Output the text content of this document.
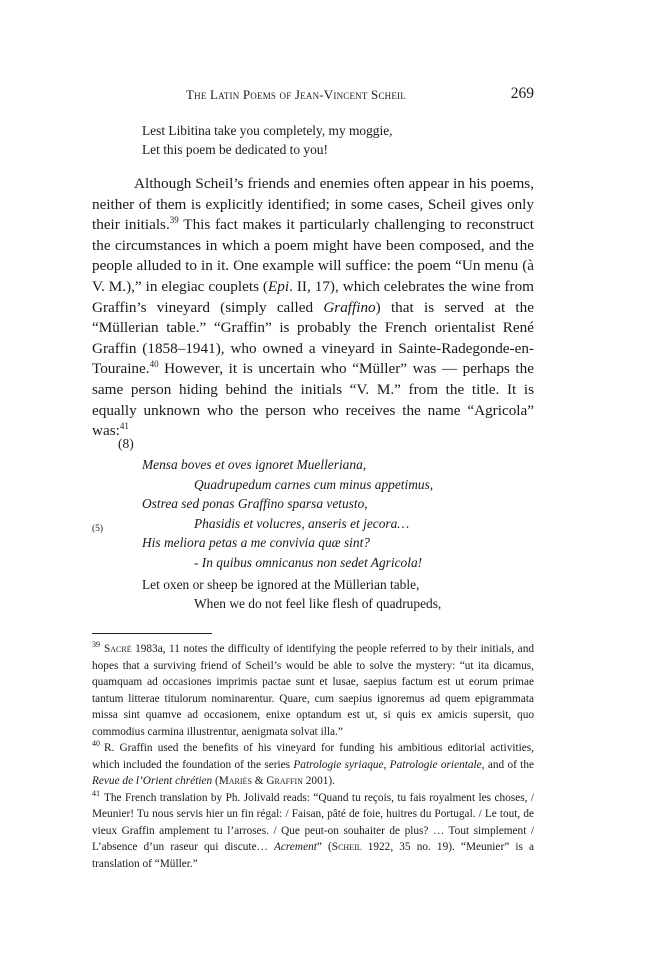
The Latin Poems of Jean-Vincent Scheil	269
Lest Libitina take you completely, my moggie,
Let this poem be dedicated to you!

Although Scheil’s friends and enemies often appear in his poems, neither of them is explicitly identified; in some cases, Scheil gives only their initials.$^{39}$ This fact makes it particularly challenging to reconstruct the circumstances in which a poem might have been composed, and the people alluded to in it. One example will suffice: the poem “Un menu (à V. M.),” in elegiac couplets (Epi. II, 17), which celebrates the wine from Graffin’s vineyard (simply called Graffino) that is served at the “Müllerian table.” “Graffin” is probably the French orientalist René Graffin (1858–1941), who owned a vineyard in Sainte-Radegonde-en-Touraine.$^{40}$ However, it is uncertain who “Müller” was — perhaps the same person hiding behind the initials “V. M.” from the title. It is equally unknown who the person who receives the name “Agricola” was:$^{41}$

(8)
(5)
Mensa boves et oves ignoret Muelleriana,
Quadrupedum carnes cum minus appetimus,
Ostrea sed ponas Graffino sparsa vetusto,
Phasidis et volucres, anseris et jecora…
His meliora petas a me convivia quæ sint?
- In quibus omnicanus non sedet Agricola!
Let oxen or sheep be ignored at the Müllerian table,
When we do not feel like flesh of quadrupeds,

$^{39}$ Sacré 1983a, 11 notes the difficulty of identifying the people referred to by their initials, and hopes that a surviving friend of Scheil’s would be able to solve the mystery: “ut ita dicamus, quamquam ad occasiones imprimis pactae sunt et lusae, saepius factum est ut eorum primae tantum litterae titulorum nominarentur. Quare, cum saepius ignoremus ad quem epigrammata missa sint quamve ad occasionem, enixe optandum est ut, si quis ex amicis supersit, quo commodius carmina illustrentur, aenigmata solvat illa.”

$^{40}$ R. Graffin used the benefits of his vineyard for funding his ambitious editorial activities, which included the foundation of the series Patrologie syriaque, Patrologie orientale, and of the Revue de l’Orient chrétien (Mariès & Graffin 2001).

$^{41}$ The French translation by Ph. Jolivald reads: “Quand tu reçois, tu fais royalment les choses, / Meunier! Tu nous servis hier un fin régal: / Faisan, pâté de foie, huitres du Portugal. / Le tout, de vieux Graffin amplement tu l’arroses. / Que peut-on souhaiter de plus? … Tout simplement / L’absence d’un raseur qui discute… Acrement” (Scheil 1922, 35 no. 19). “Meunier” is a translation of “Müller.”
